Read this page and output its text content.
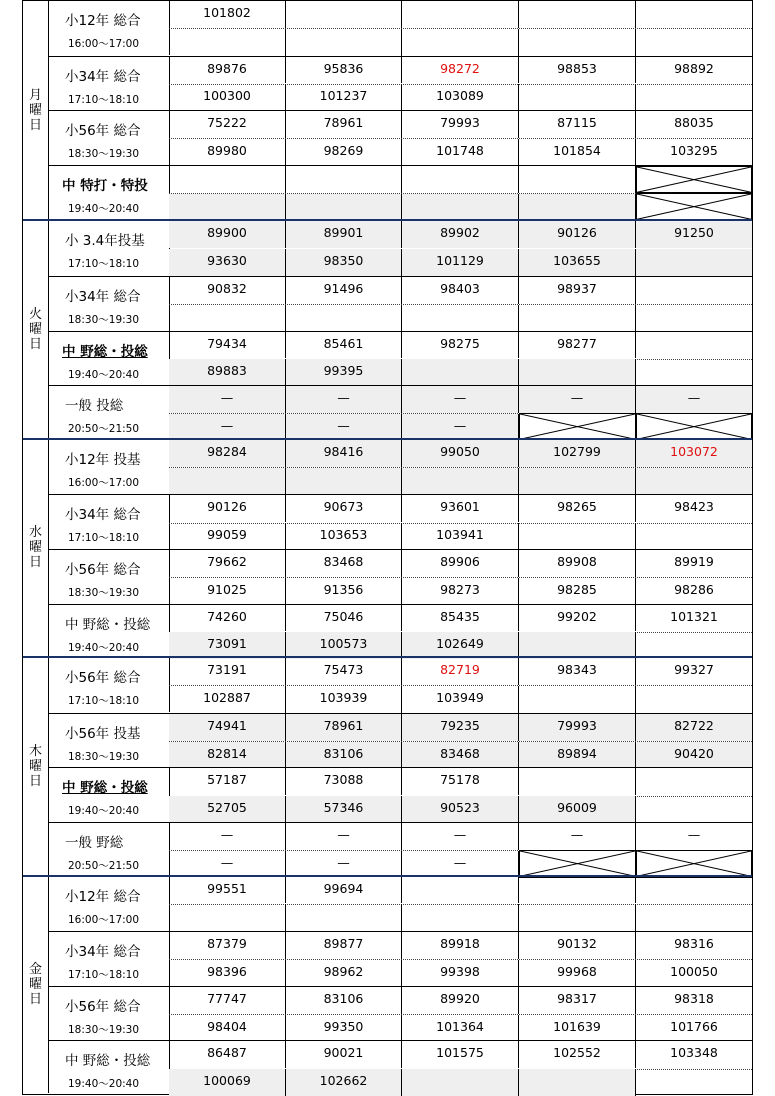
月
曜
日
小12年 総合
16:00～17:00
101802
小34年 総合
17:10～18:10
89876	95836	98272	98853	98892
100300	101237	103089
小56年 総合
18:30～19:30
75222	78961	79993	87115	88035
89980	98269	101748	101854	103295
中 特打・特投
19:40～20:40
火
曜
日
小 3.4年投基
17:10～18:10
89900	89901	89902	90126	91250
93630	98350	101129	103655
小34年 総合
18:30～19:30
90832	91496	98403	98937
中 野総・投総
19:40～20:40
79434	85461	98275	98277
89883	99395
一般 投総
20:50～21:50
—	—	—	—	—
—	—	—
水
曜
日
小12年 投基
16:00～17:00
98284	98416	99050	102799	103072
小34年 総合
17:10～18:10
90126	90673	93601	98265	98423
99059	103653	103941
小56年 総合
18:30～19:30
79662	83468	89906	89908	89919
91025	91356	98273	98285	98286
中 野総・投総
19:40～20:40
74260	75046	85435	99202	101321
73091	100573	102649
木
曜
日
小56年 総合
17:10～18:10
73191	75473	82719	98343	99327
102887	103939	103949
小56年 投基
18:30～19:30
74941	78961	79235	79993	82722
82814	83106	83468	89894	90420
中 野総・投総
19:40～20:40
57187	73088	75178
52705	57346	90523	96009
一般 野総
20:50～21:50
—	—	—	—	—
—	—	—
金
曜
日
小12年 総合
16:00～17:00
99551	99694
小34年 総合
17:10～18:10
87379	89877	89918	90132	98316
98396	98962	99398	99968	100050
小56年 総合
18:30～19:30
77747	83106	89920	98317	98318
98404	99350	101364	101639	101766
中 野総・投総
19:40～20:40
86487	90021	101575	102552	103348
100069	102662
